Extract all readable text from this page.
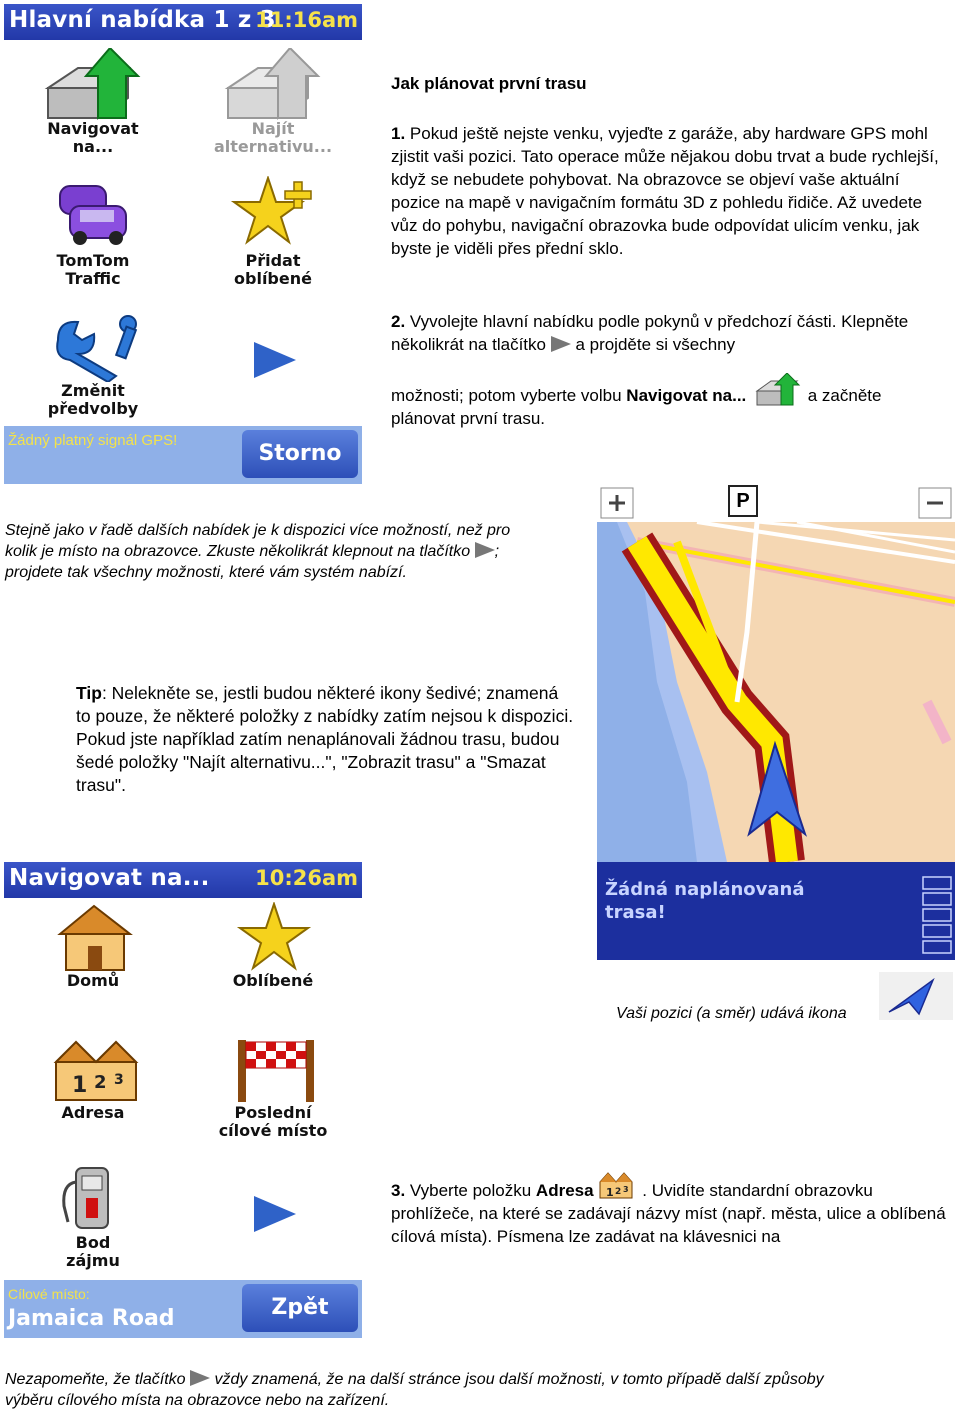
Hlavní nabídka 1 z 3
11:16am
Navigovat
na...
Najít
alternativu...
TomTom
Traffic
Přidat
oblíbené
Změnit
předvolby
Žádný platný signál GPS!
Storno
Jak plánovat první trasu
1. Pokud ještě nejste venku, vyjeďte z garáže, aby hardware GPS mohl zjistit vaši pozici. Tato operace může nějakou dobu trvat a bude rychlejší, když se nebudete pohybovat. Na obrazovce se objeví vaše aktuální pozice na mapě v navigačním formátu 3D z pohledu řidiče. Až uvedete vůz do pohybu, navigační obrazovka bude odpovídat ulicím venku, jak byste je viděli přes přední sklo.
2. Vyvolejte hlavní nabídku podle pokynů v předchozí části. Klepněte několikrát na tlačítko a projděte si všechny
možnosti; potom vyberte volbu Navigovat na...	a začněte
plánovat první trasu.
Stejně jako v řadě dalších nabídek je k dispozici více možností, než pro kolik je místo na obrazovce. Zkuste několikrát klepnout na tlačítko ; projdete tak všechny možnosti, které vám systém nabízí.
Tip: Nelekněte se, jestli budou některé ikony šedivé; znamená to pouze, že některé položky z nabídky zatím nejsou k dispozici. Pokud jste například zatím nenaplánovali žádnou trasu, budou šedé položky "Najít alternativu...", "Zobrazit trasu" a "Smazat trasu".
P
Žádná naplánovaná
trasa!
Vaši pozici (a směr) udává ikona
Navigovat na... 10:26am
Domů	Oblíbené
1 2 3
Adresa	Poslední
cílové místo
Bod
zájmu
Cílové místo:
Jamaica Road	Zpět
3. Vyberte položku Adresa 1 2 3 . Uvidíte standardní obrazovku prohlížeče, na které se zadávají názvy míst (např. města, ulice a oblíbená cílová místa). Písmena lze zadávat na klávesnici na
Nezapomeňte, že tlačítko vždy znamená, že na další stránce jsou další možnosti, v tomto případě další způsoby výběru cílového místa na obrazovce nebo na zařízení.
